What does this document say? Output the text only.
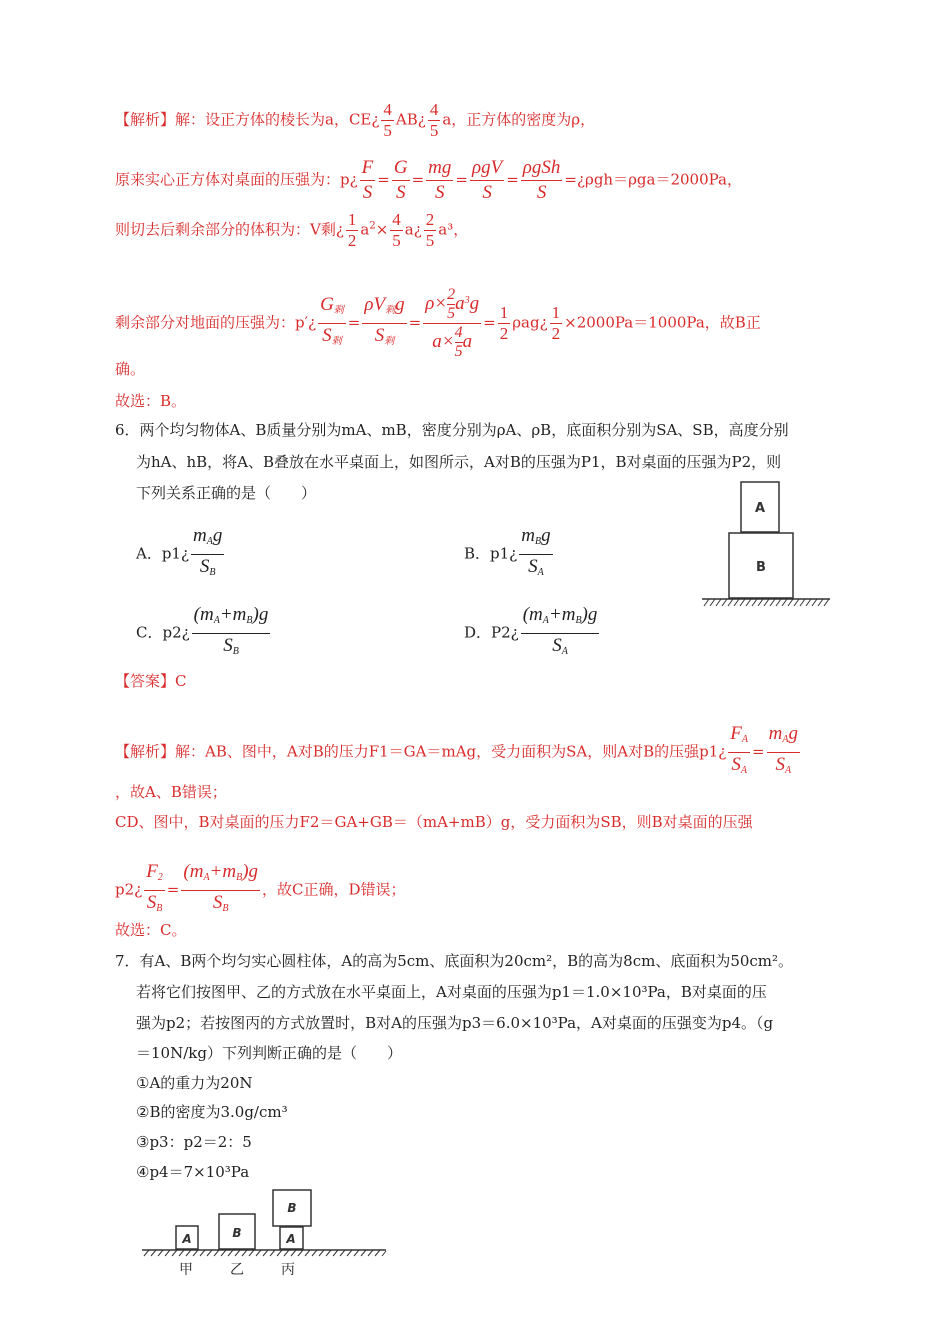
【解析】解：设正方体的棱长为a，CE¿ $\frac{4}{5}$ AB¿ $\frac{4}{5}$ a，正方体的密度为ρ，
原来实心正方体对桌面的压强为：p¿ $\frac{F}{S} = \frac{G}{S} = \frac{mg}{S} = \frac{\text{ρgV}}{S} = \frac{\text{ρgSh}}{S}$ =¿ρgh＝ρga＝2000Pa，
则切去后剩余部分的体积为：V剩¿ $\frac{1}{2} a^2\times \frac{4}{5}$ a¿ $\frac{2}{5} a^3$，
剩余部分对地面的压强为：p′¿ $\frac{G_剩}{S_剩} = \frac{\rho V_剩g}{S_剩} = \frac{\rho\times \frac{2}{5} a^3g}{a\times \frac{4}{5} a} = \frac{1}{2}$ ρag¿ $\frac{1}{2} \times 2000Pa=1000Pa$，故B正
确。
故选：B。
6．两个均匀物体A、B质量分别为mA、mB，密度分别为ρA、ρB，底面积分别为SA、SB，高度分别
为hA、hB，将A、B叠放在水平桌面上，如图所示，A对B的压强为P1，B对桌面的压强为P2，则
下列关系正确的是（　　）
A．p1¿ $\frac{m_Ag}{S_B}$	B．p1¿ $\frac{m_Bg}{S_A}$
C．p2¿ $\frac{(m_A+m_B)g}{S_B}$	D．P2¿ $\frac{(m_A+m_B)g}{S_A}$
A
B
【答案】C
【解析】解：AB、图中，A对B的压力F1＝GA＝mAg，受力面积为SA，则A对B的压强p1¿ $\frac{F_A}{S_A} = \frac{m_Ag}{S_A}$
，故A、B错误；
CD、图中，B对桌面的压力F2＝GA+GB＝（mA+mB）g，受力面积为SB，则B对桌面的压强
p2¿ $\frac{F_2}{S_B} = \frac{(m_A+m_B)g}{S_B}$ ，故C正确，D错误；
故选：C。
7．有A、B两个均匀实心圆柱体，A的高为5cm、底面积为20cm²，B的高为8cm、底面积为50cm²。
若将它们按图甲、乙的方式放在水平桌面上，A对桌面的压强为p1＝1.0×10³Pa，B对桌面的压
强为p2；若按图丙的方式放置时，B对A的压强为p3＝6.0×10³Pa，A对桌面的压强变为p4。（g
＝10N/kg）下列判断正确的是（　　）
①A的重力为20N
②B的密度为3.0g/cm³
③p3：p2＝2：5
④p4＝7×10³Pa
A	B
B
A
甲	乙	丙
